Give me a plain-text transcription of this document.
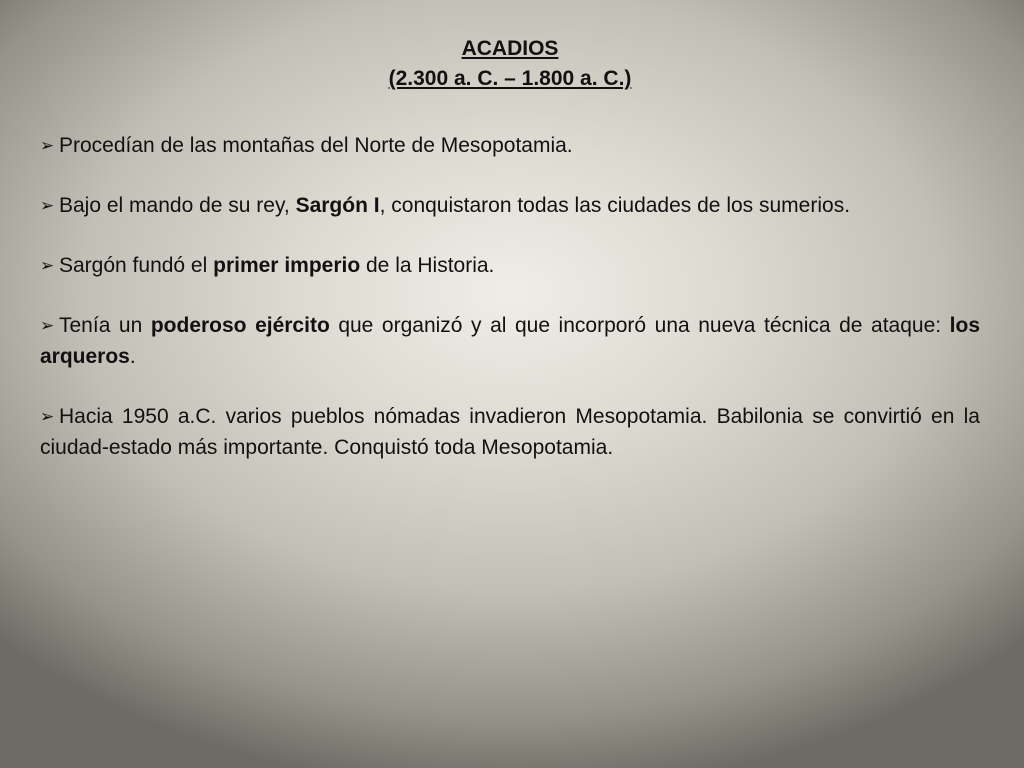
ACADIOS

(2.300 a. C. – 1.800 a. C.)

➢ Procedían de las montañas del Norte de Mesopotamia.

➢ Bajo el mando de su rey, Sargón I, conquistaron todas las ciudades de los sumerios.

➢ Sargón fundó el primer imperio de la Historia.

➢ Tenía un poderoso ejército que organizó y al que incorporó una nueva técnica de ataque: los arqueros.

➢ Hacia 1950 a.C. varios pueblos nómadas invadieron Mesopotamia. Babilonia se convirtió en la ciudad-estado más importante. Conquistó toda Mesopotamia.
